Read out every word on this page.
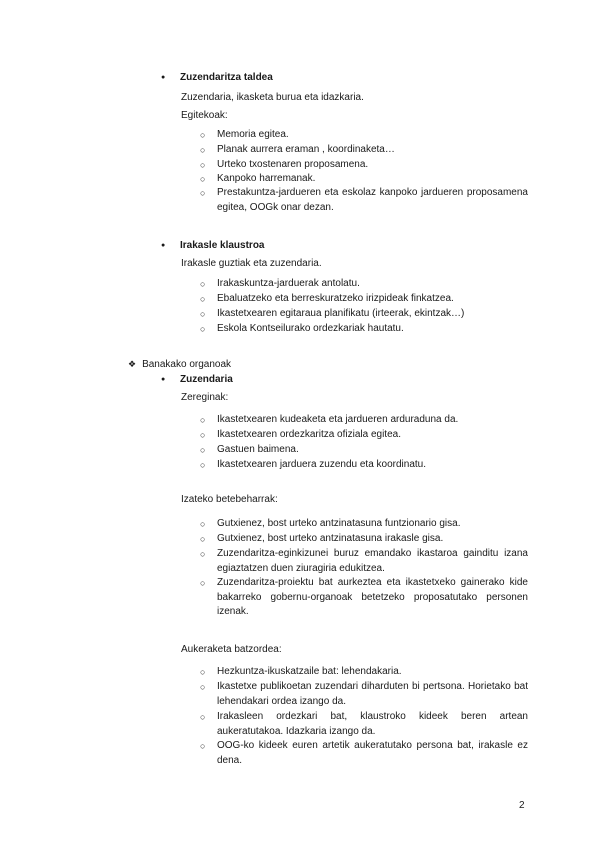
Zuzendaritza taldea
Zuzendaria, ikasketa burua eta idazkaria.
Egitekoak:
○ Memoria egitea.
○ Planak aurrera eraman , koordinaketa…
○ Urteko txostenaren proposamena.
○ Kanpoko harremanak.
○ Prestakuntza-jardueren eta eskolaz kanpoko jardueren proposamena egitea, OOGk onar dezan.
Irakasle klaustroa
Irakasle guztiak eta zuzendaria.
○ Irakaskuntza-jarduerak antolatu.
○ Ebaluatzeko eta berreskuratzeko irizpideak finkatzea.
○ Ikastetxearen egitaraua planifikatu (irteerak, ekintzak…)
○ Eskola Kontseilurako ordezkariak hautatu.
❖ Banakako organoak
Zuzendaria
Zereginak:
○ Ikastetxearen kudeaketa eta jardueren arduraduna da.
○ Ikastetxearen ordezkaritza ofiziala egitea.
○ Gastuen baimena.
○ Ikastetxearen jarduera zuzendu eta koordinatu.
Izateko betebeharrak:
○ Gutxienez, bost urteko antzinatasuna funtzionario gisa.
○ Gutxienez, bost urteko antzinatasuna irakasle gisa.
○ Zuzendaritza-eginkizunei buruz emandako ikastaroa gainditu izana egiaztatzen duen ziuragiria edukitzea.
○ Zuzendaritza-proiektu bat aurkeztea eta ikastetxeko gainerako kide bakarreko gobernu-organoak betetzeko proposatutako personen izenak.
Aukeraketa batzordea:
○ Hezkuntza-ikuskatzaile bat: lehendakaria.
○ Ikastetxe publikoetan zuzendari diharduten bi pertsona. Horietako bat lehendakari ordea izango da.
○ Irakasleen ordezkari bat, klaustroko kideek beren artean aukeratutakoa. Idazkaria izango da.
○ OOG-ko kideek euren artetik aukeratutako persona bat, irakasle ez dena.
2
